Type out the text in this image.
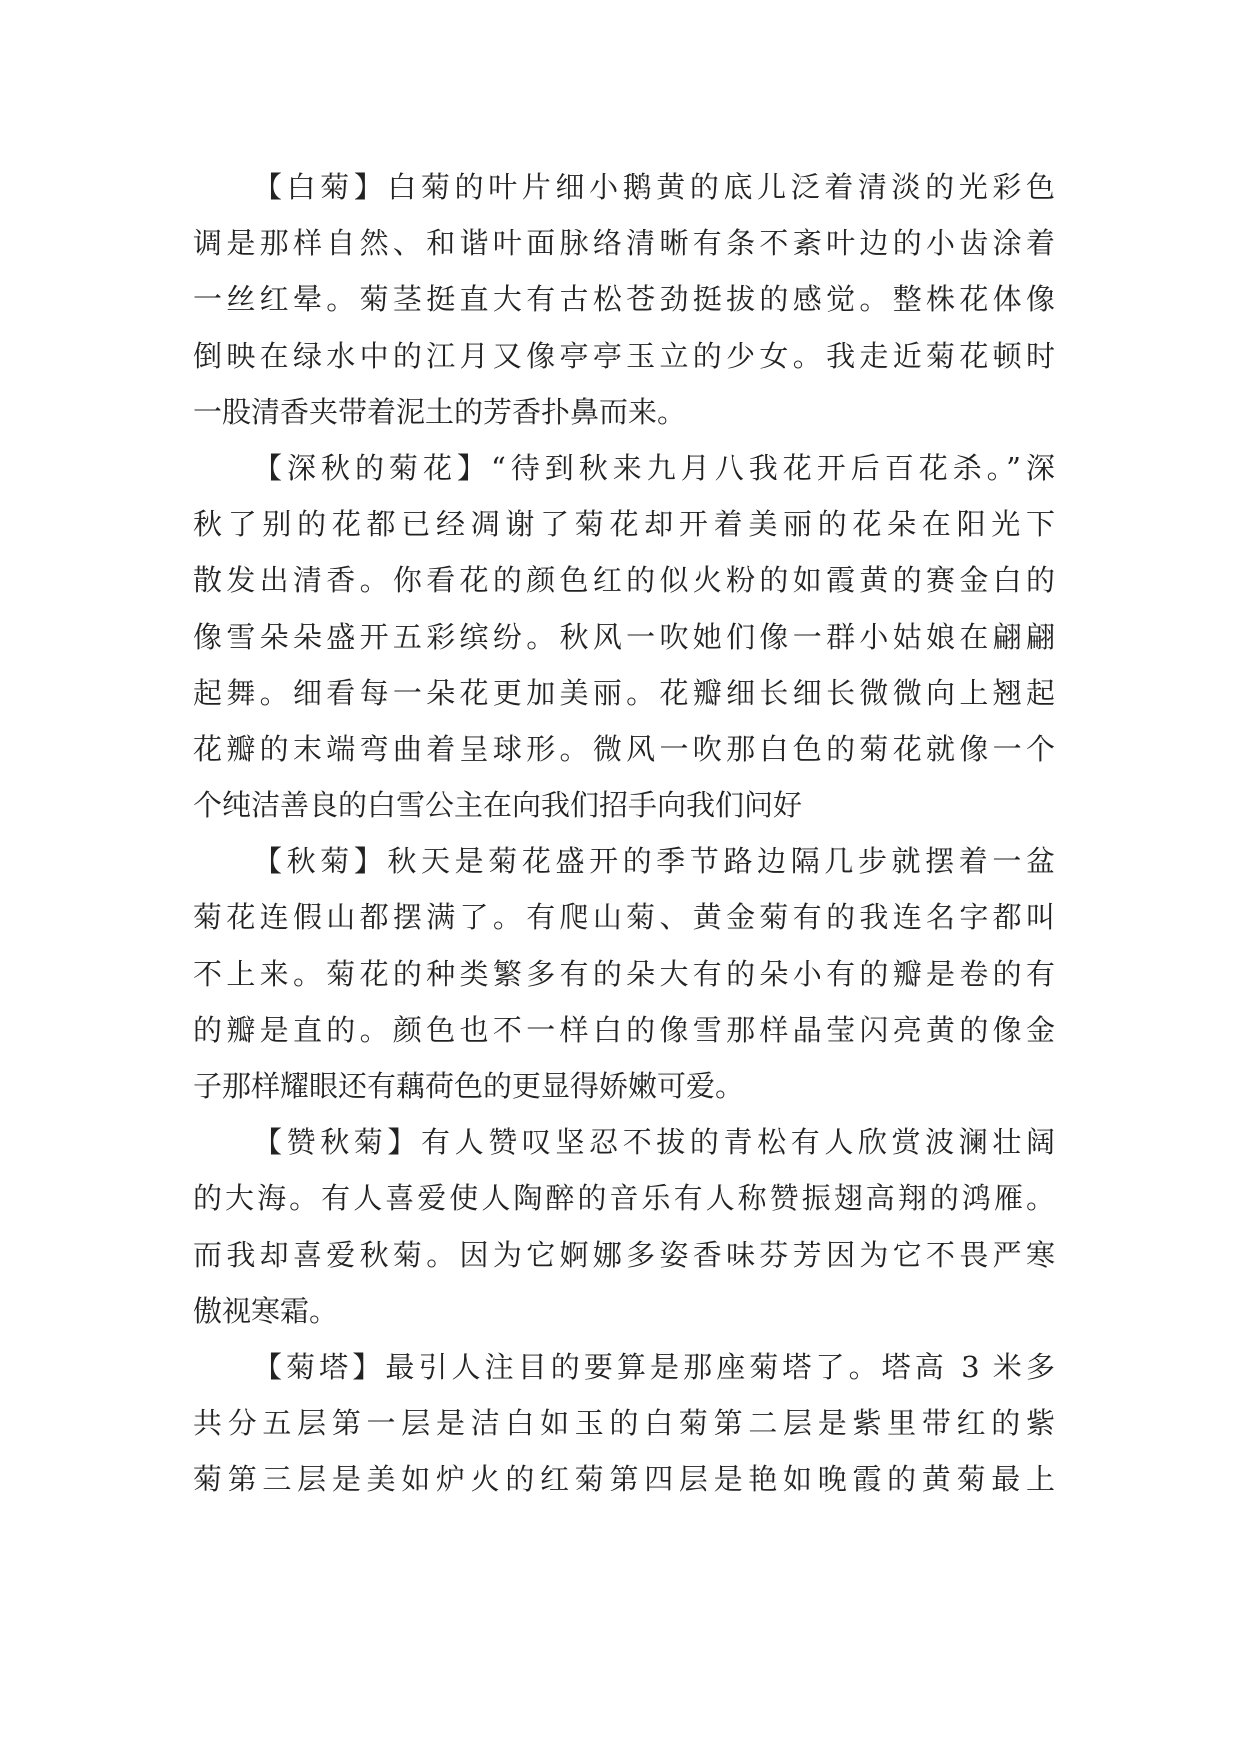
【白菊】白菊的叶片细小鹅黄的底儿泛着清淡的光彩色
调是那样自然、和谐叶面脉络清晰有条不紊叶边的小齿涂着
一丝红晕。菊茎挺直大有古松苍劲挺拔的感觉。整株花体像
倒映在绿水中的江月又像亭亭玉立的少女。我走近菊花顿时
一股清香夹带着泥土的芳香扑鼻而来。
【深秋的菊花】“待到秋来九月八我花开后百花杀。”深
秋了别的花都已经凋谢了菊花却开着美丽的花朵在阳光下
散发出清香。你看花的颜色红的似火粉的如霞黄的赛金白的
像雪朵朵盛开五彩缤纷。秋风一吹她们像一群小姑娘在翩翩
起舞。细看每一朵花更加美丽。花瓣细长细长微微向上翘起
花瓣的末端弯曲着呈球形。微风一吹那白色的菊花就像一个
个纯洁善良的白雪公主在向我们招手向我们问好
【秋菊】秋天是菊花盛开的季节路边隔几步就摆着一盆
菊花连假山都摆满了。有爬山菊、黄金菊有的我连名字都叫
不上来。菊花的种类繁多有的朵大有的朵小有的瓣是卷的有
的瓣是直的。颜色也不一样白的像雪那样晶莹闪亮黄的像金
子那样耀眼还有藕荷色的更显得娇嫩可爱。
【赞秋菊】有人赞叹坚忍不拔的青松有人欣赏波澜壮阔
的大海。有人喜爱使人陶醉的音乐有人称赞振翅高翔的鸿雁。
而我却喜爱秋菊。因为它婀娜多姿香味芬芳因为它不畏严寒
傲视寒霜。
【菊塔】最引人注目的要算是那座菊塔了。塔高 3 米多
共分五层第一层是洁白如玉的白菊第二层是紫里带红的紫
菊第三层是美如炉火的红菊第四层是艳如晚霞的黄菊最上
